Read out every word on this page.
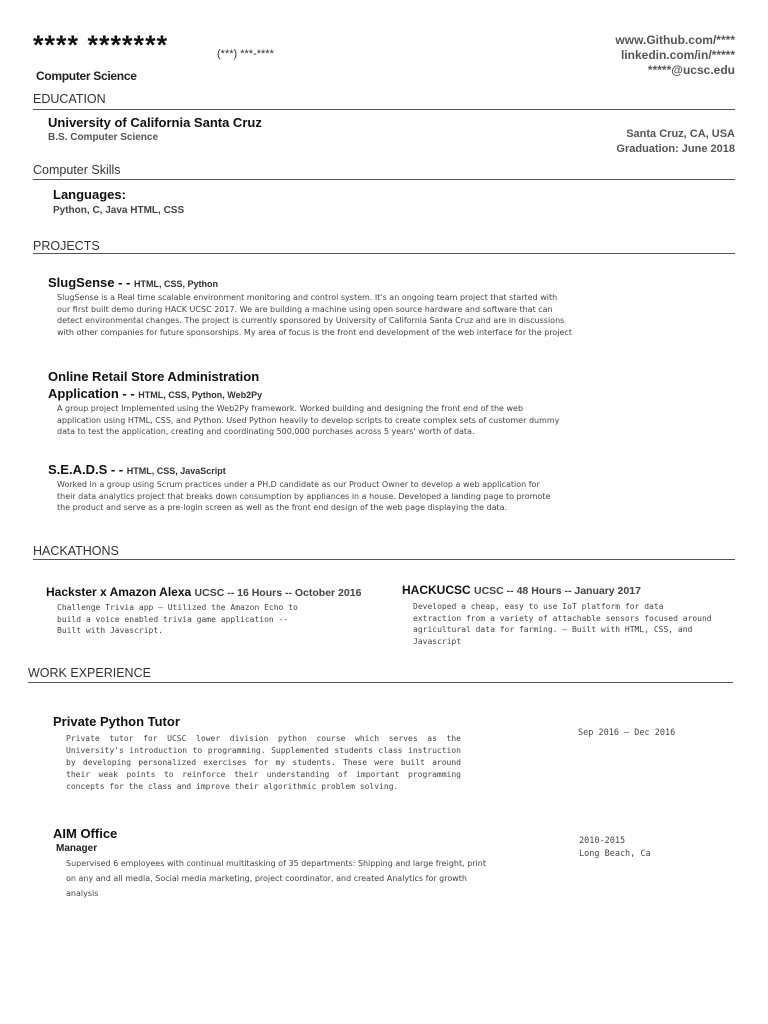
**** *******	(***) ***-****
Computer Science
www.Github.com/****
linkedin.com/in/*****
*****@ucsc.edu
EDUCATION
University of California Santa Cruz
B.S. Computer Science	Santa Cruz, CA, USA
Graduation: June 2018
Computer Skills
Languages:
Python, C, Java HTML, CSS
PROJECTS
SlugSense - - HTML, CSS, Python
SlugSense is a Real time scalable environment monitoring and control system. It's an ongoing team project that started with our first built demo during HACK UCSC 2017. We are building a machine using open source hardware and software that can detect environmental changes. The project is currently sponsored by University of California Santa Cruz and are in discussions with other companies for future sponsorships. My area of focus is the front end development of the web interface for the project
Online Retail Store Administration
Application - - HTML, CSS, Python, Web2Py
A group project Implemented using the Web2Py framework. Worked building and designing the front end of the web application using HTML, CSS, and Python. Used Python heavily to develop scripts to create complex sets of customer dummy data to test the application, creating and coordinating 500,000 purchases across 5 years' worth of data.
S.E.A.D.S - - HTML, CSS, JavaScript
Worked in a group using Scrum practices under a PH.D candidate as our Product Owner to develop a web application for their data analytics project that breaks down consumption by appliances in a house. Developed a landing page to promote the product and serve as a pre-login screen as well as the front end design of the web page displaying the data.
HACKATHONS
Hackster x Amazon Alexa UCSC -- 16 Hours -- October 2016
Challenge Trivia app – Utilized the Amazon Echo to build a voice enabled trivia game application -- Built with Javascript.
HACKUCSC UCSC -- 48 Hours -- January 2017
Developed a cheap, easy to use IoT platform for data extraction from a variety of attachable sensors focused around agricultural data for farming. – Built with HTML, CSS, and Javascript
WORK EXPERIENCE
Private Python Tutor
Private tutor for UCSC lower division python course which serves as the University's introduction to programming. Supplemented students class instruction by developing personalized exercises for my students. These were built around their weak points to reinforce their understanding of important programming concepts for the class and improve their algorithmic problem solving.
Sep 2016 – Dec 2016
AIM Office
Manager
Supervised 6 employees with continual multitasking of 35 departments: Shipping and large freight, print on any and all media, Social media marketing, project coordinator, and created Analytics for growth analysis
2010-2015
Long Beach, Ca
